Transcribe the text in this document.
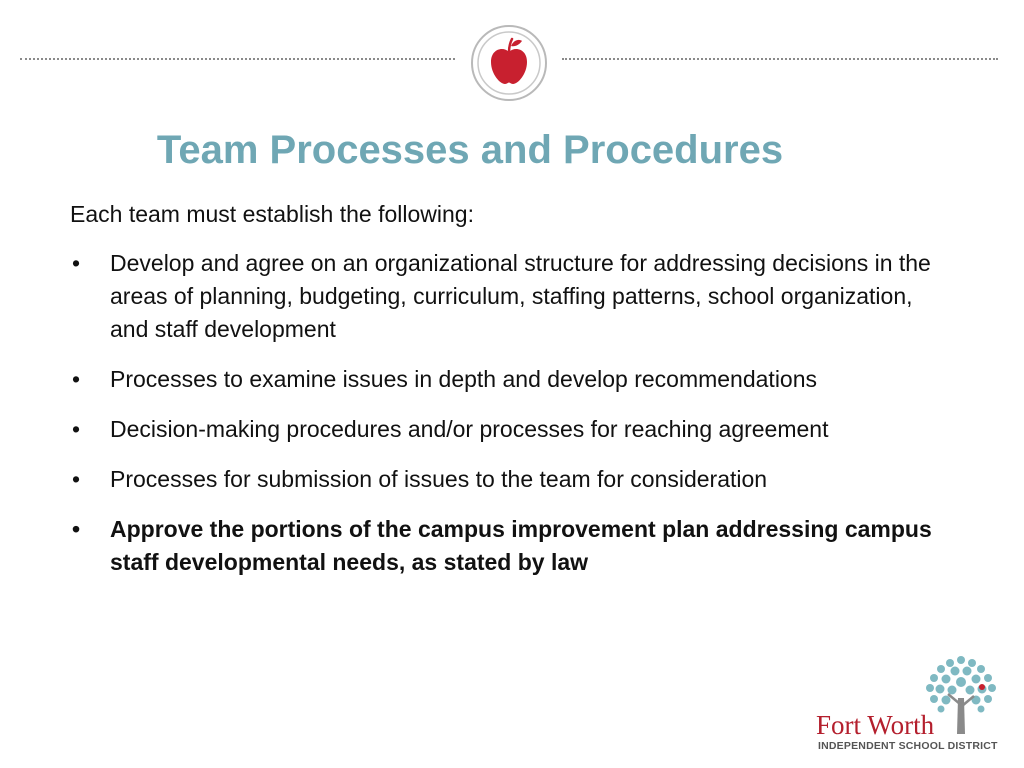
Team Processes and Procedures
Each team must establish the following:
• Develop and agree on an organizational structure for addressing decisions in the areas of planning, budgeting, curriculum, staffing patterns, school organization, and staff development
• Processes to examine issues in depth and develop recommendations
• Decision-making procedures and/or processes for reaching agreement
• Processes for submission of issues to the team for consideration
• Approve the portions of the campus improvement plan addressing campus staff developmental needs, as stated by law
Fort Worth
INDEPENDENT SCHOOL DISTRICT
